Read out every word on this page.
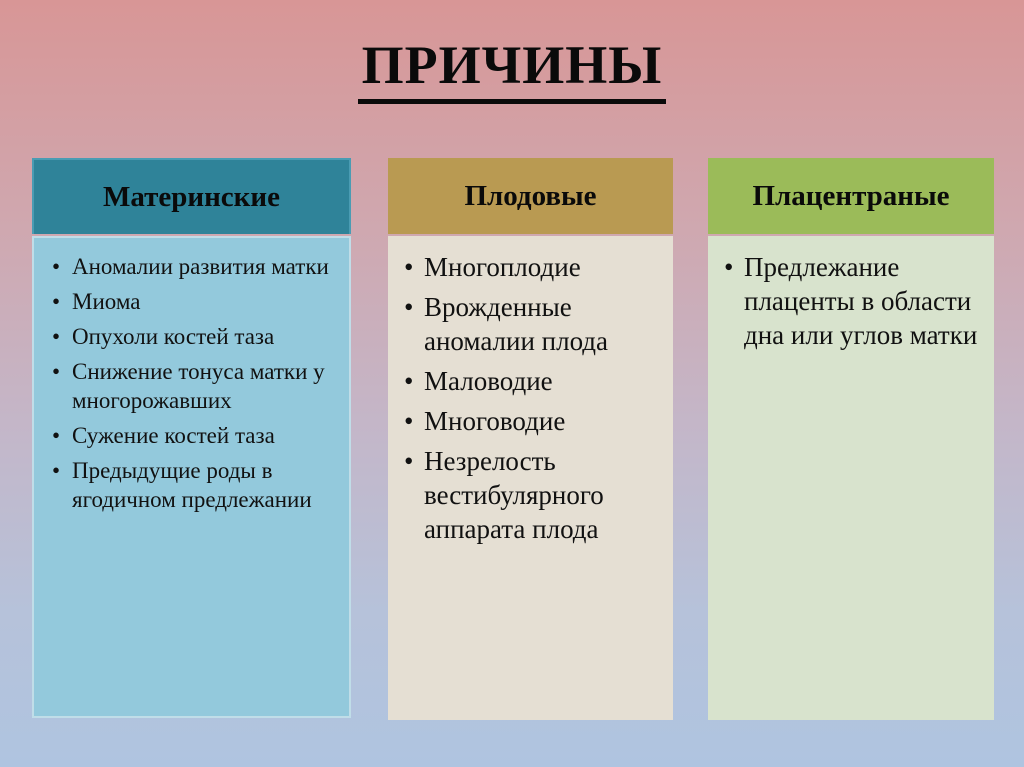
ПРИЧИНЫ
Материнские
• Аномалии развития матки
• Миома
• Опухоли костей таза
• Снижение тонуса матки у многорожавших
• Сужение костей таза
• Предыдущие роды в ягодичном предлежании
Плодовые
• Многоплодие
• Врожденные аномалии плода
• Маловодие
• Многоводие
• Незрелость вестибулярного аппарата плода
Плацентраные
• Предлежание плаценты в области дна или углов матки
